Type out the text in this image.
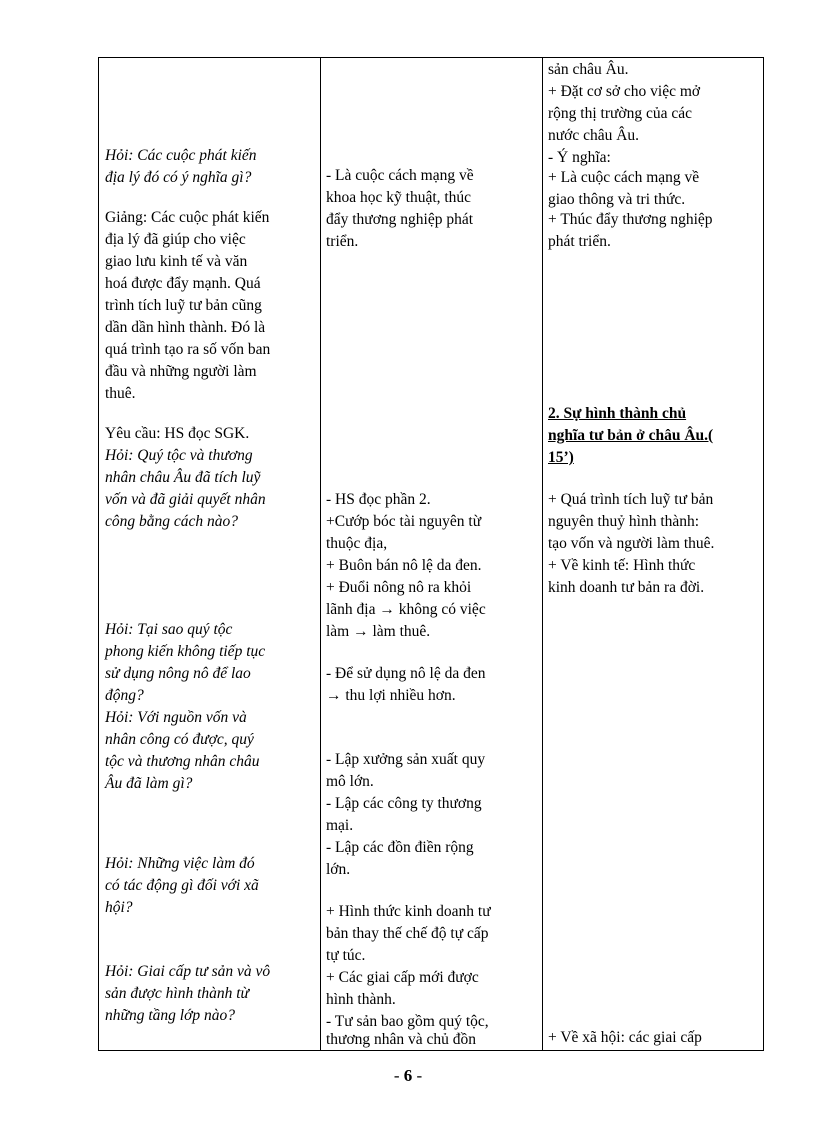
Hỏi: Các cuộc phát kiến
địa lý đó có ý nghĩa gì?
Giảng: Các cuộc phát kiến
địa lý đã giúp cho việc
giao lưu kinh tế và văn
hoá được đẩy mạnh. Quá
trình tích luỹ tư bản cũng
dần dần hình thành. Đó là
quá trình tạo ra số vốn ban
đầu và những người làm
thuê.
Yêu cầu: HS đọc SGK.
Hỏi: Quý tộc và thương
nhân châu Âu đã tích luỹ
vốn và đã giải quyết nhân
công bằng cách nào?
Hỏi: Tại sao quý tộc
phong kiến không tiếp tục
sử dụng nông nô để lao
động?
Hỏi: Với nguồn vốn và
nhân công có được, quý
tộc và thương nhân châu
Âu đã làm gì?
Hỏi: Những việc làm đó
có tác động gì đối với xã
hội?
Hỏi: Giai cấp tư sản và vô
sản được hình thành từ
những tầng lớp nào?
- Là cuộc cách mạng về
khoa học kỹ thuật, thúc
đẩy thương nghiệp phát
triển.
- HS đọc phần 2.
+Cướp bóc tài nguyên từ
thuộc địa,
+ Buôn bán nô lệ da đen.
+ Đuổi nông nô ra khỏi
lãnh địa → không có việc
làm → làm thuê.
- Để sử dụng nô lệ da đen
→ thu lợi nhiều hơn.
- Lập xưởng sản xuất quy
mô lớn.
- Lập các công ty thương
mại.
- Lập các đồn điền rộng
lớn.
+ Hình thức kinh doanh tư
bản thay thế chế độ tự cấp
tự túc.
+ Các giai cấp mới được
hình thành.
- Tư sản bao gồm quý tộc,
thương nhân và chủ đồn
sản châu Âu.
+ Đặt cơ sở cho việc mở
rộng thị trường của các
nước châu Âu.
- Ý nghĩa:
+ Là cuộc cách mạng về
giao thông và tri thức.
+ Thúc đẩy thương nghiệp
phát triển.
2. Sự hình thành chủ
nghĩa tư bản ở châu Âu.(
15’)
+ Quá trình tích luỹ tư bản
nguyên thuỷ hình thành:
tạo vốn và người làm thuê.
+ Về kinh tế: Hình thức
kinh doanh tư bản ra đời.
+ Về xã hội: các giai cấp
- 6 -
